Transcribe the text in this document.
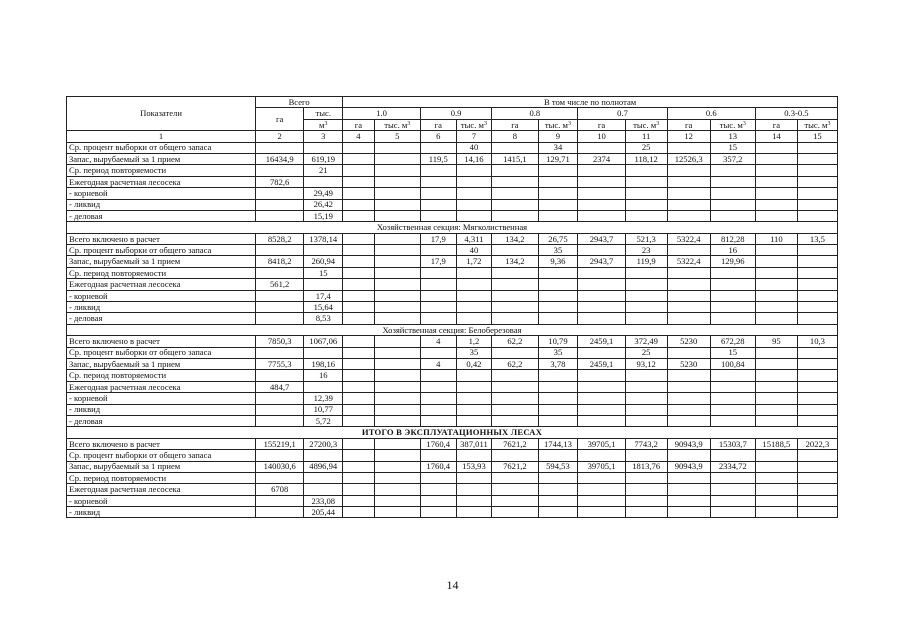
Показатели	Всего		В том числе по полнотам											
	га	тыс.	1.0		0.9		0.8		0.7		0.6		0.3-0.5	
		$м^3$	га	тыс. $м^3$	га	тыс. $м^3$	га	тыс. $м^3$	га	тыс. $м^3$	га	тыс. $м^3$	га	тыс. $м^3$
1	2	3	4	5	6	7	8	9	10	11	12	13	14	15
Ср. процент выборки от общего запаса						40		34		25		15		
Запас, вырубаемый за 1 прием	16434,9	619,19			119,5	14,16	1415,1	129,71	2374	118,12	12526,3	357,2		
Ср. период повторяемости		21												
Ежегодная расчетная лесосека	782,6													
- корневой		29,49												
- ликвид		26,42												
- деловая		15,19												
Хозяйственная секция: Мягколиственная														
Всего включено в расчет	8528,2	1378,14			17,9	4,311	134,2	26,75	2943,7	521,3	5322,4	812,28	110	13,5
Ср. процент выборки от общего запаса						40		35		23		16		
Запас, вырубаемый за 1 прием	8418,2	260,94			17,9	1,72	134,2	9,36	2943,7	119,9	5322,4	129,96		
Ср. период повторяемости		15												
Ежегодная расчетная лесосека	561,2													
- корневой		17,4												
- ликвид		15,64												
- деловая		8,53												
Хозяйственная секция: Белоберезовая														
Всего включено в расчет	7850,3	1067,06			4	1,2	62,2	10,79	2459,1	372,49	5230	672,28	95	10,3
Ср. процент выборки от общего запаса						35		35		25		15		
Запас, вырубаемый за 1 прием	7755,3	198,16			4	0,42	62,2	3,78	2459,1	93,12	5230	100,84		
Ср. период повторяемости		16												
Ежегодная расчетная лесосека	484,7													
- корневой		12,39												
- ликвид		10,77												
- деловая		5,72												
ИТОГО В ЭКСПЛУАТАЦИОННЫХ ЛЕСАХ														
Всего включено в расчет	155219,1	27200,3			1760,4	387,011	7621,2	1744,13	39705,1	7743,2	90943,9	15303,7	15188,5	2022,3
Ср. процент выборки от общего запаса														
Запас, вырубаемый за 1 прием	140030,6	4896,94			1760,4	153,93	7621,2	594,53	39705,1	1813,76	90943,9	2334,72		
Ср. период повторяемости														
Ежегодная расчетная лесосека	6708													
- корневой		233,08												
- ликвид		205,44												
14
